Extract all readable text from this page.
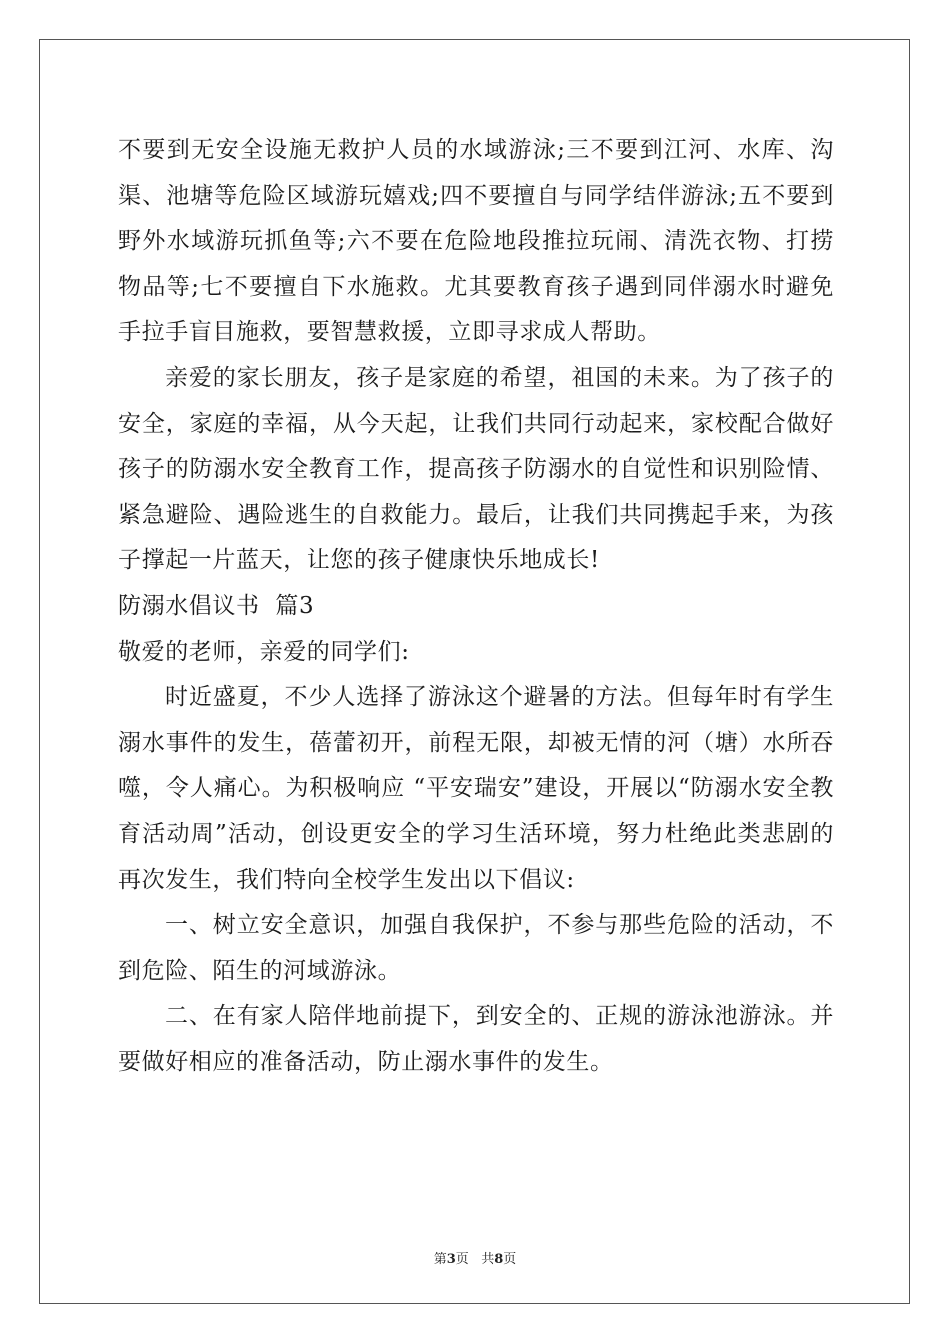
不要到无安全设施无救护人员的水域游泳;三不要到江河、水库、沟渠、池塘等危险区域游玩嬉戏;四不要擅自与同学结伴游泳;五不要到野外水域游玩抓鱼等;六不要在危险地段推拉玩闹、清洗衣物、打捞物品等;七不要擅自下水施救。尤其要教育孩子遇到同伴溺水时避免手拉手盲目施救，要智慧救援，立即寻求成人帮助。

亲爱的家长朋友，孩子是家庭的希望，祖国的未来。为了孩子的安全，家庭的幸福，从今天起，让我们共同行动起来，家校配合做好孩子的防溺水安全教育工作，提高孩子防溺水的自觉性和识别险情、紧急避险、遇险逃生的自救能力。最后，让我们共同携起手来，为孩子撑起一片蓝天，让您的孩子健康快乐地成长!

防溺水倡议书  篇3

敬爱的老师，亲爱的同学们:

时近盛夏，不少人选择了游泳这个避暑的方法。但每年时有学生溺水事件的发生，蓓蕾初开，前程无限，却被无情的河（塘）水所吞噬，令人痛心。为积极响应 “平安瑞安”建设，开展以“防溺水安全教育活动周”活动，创设更安全的学习生活环境，努力杜绝此类悲剧的再次发生，我们特向全校学生发出以下倡议:

一、树立安全意识，加强自我保护，不参与那些危险的活动，不到危险、陌生的河域游泳。

二、在有家人陪伴地前提下，到安全的、正规的游泳池游泳。并要做好相应的准备活动，防止溺水事件的发生。

第3页   共8页
